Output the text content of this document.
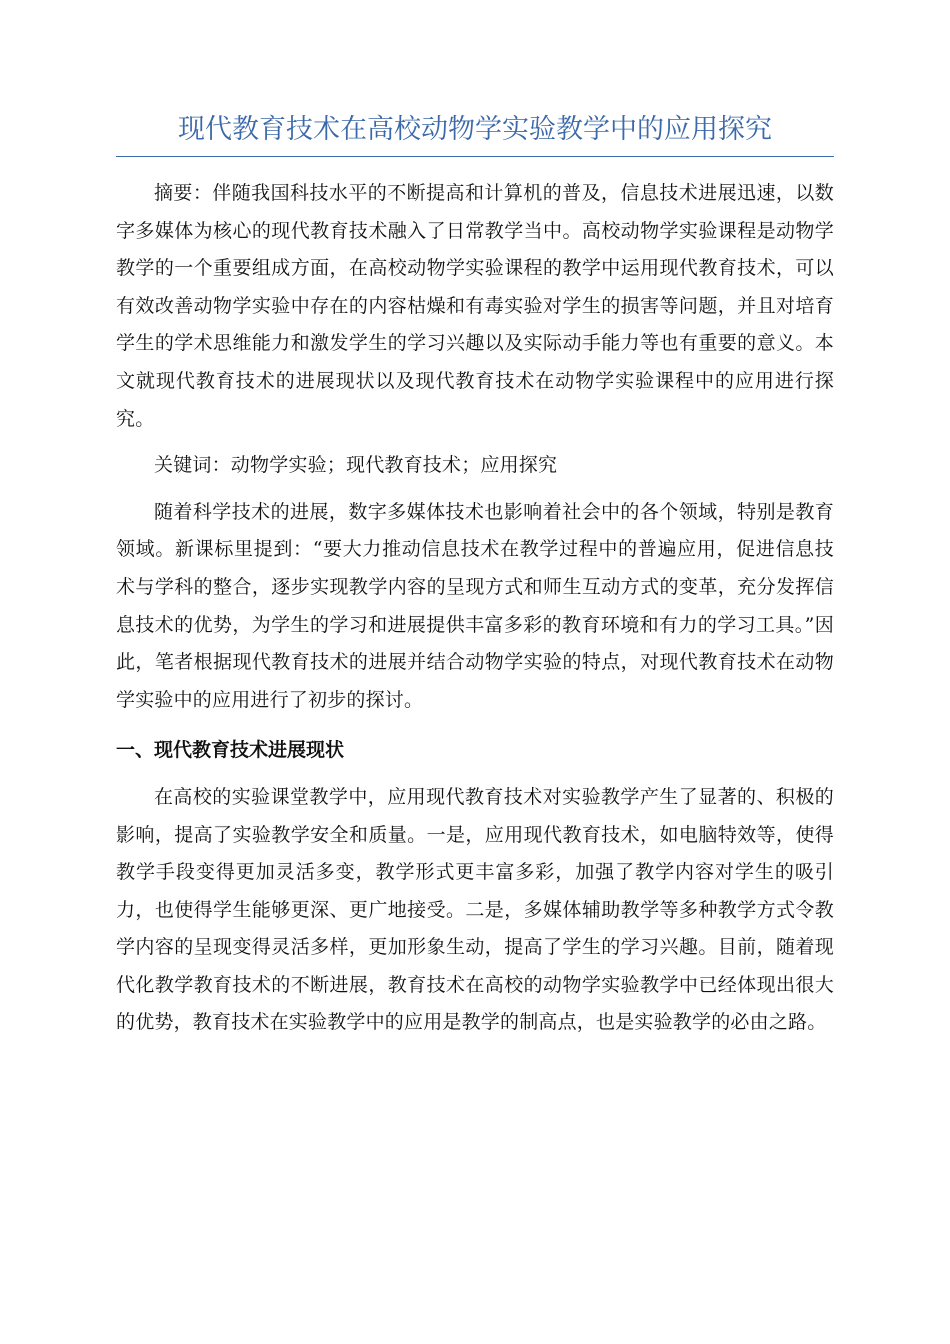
现代教育技术在高校动物学实验教学中的应用探究

摘要：伴随我国科技水平的不断提高和计算机的普及，信息技术进展迅速，以数字多媒体为核心的现代教育技术融入了日常教学当中。高校动物学实验课程是动物学教学的一个重要组成方面，在高校动物学实验课程的教学中运用现代教育技术，可以有效改善动物学实验中存在的内容枯燥和有毒实验对学生的损害等问题，并且对培育学生的学术思维能力和激发学生的学习兴趣以及实际动手能力等也有重要的意义。本文就现代教育技术的进展现状以及现代教育技术在动物学实验课程中的应用进行探究。

关键词：动物学实验；现代教育技术；应用探究

随着科学技术的进展，数字多媒体技术也影响着社会中的各个领域，特别是教育领域。新课标里提到：“要大力推动信息技术在教学过程中的普遍应用，促进信息技术与学科的整合，逐步实现教学内容的呈现方式和师生互动方式的变革，充分发挥信息技术的优势，为学生的学习和进展提供丰富多彩的教育环境和有力的学习工具。”因此，笔者根据现代教育技术的进展并结合动物学实验的特点，对现代教育技术在动物学实验中的应用进行了初步的探讨。

一、现代教育技术进展现状

在高校的实验课堂教学中，应用现代教育技术对实验教学产生了显著的、积极的影响，提高了实验教学安全和质量。一是，应用现代教育技术，如电脑特效等，使得教学手段变得更加灵活多变，教学形式更丰富多彩，加强了教学内容对学生的吸引力，也使得学生能够更深、更广地接受。二是，多媒体辅助教学等多种教学方式令教学内容的呈现变得灵活多样，更加形象生动，提高了学生的学习兴趣。目前，随着现代化教学教育技术的不断进展，教育技术在高校的动物学实验教学中已经体现出很大的优势，教育技术在实验教学中的应用是教学的制高点，也是实验教学的必由之路。
